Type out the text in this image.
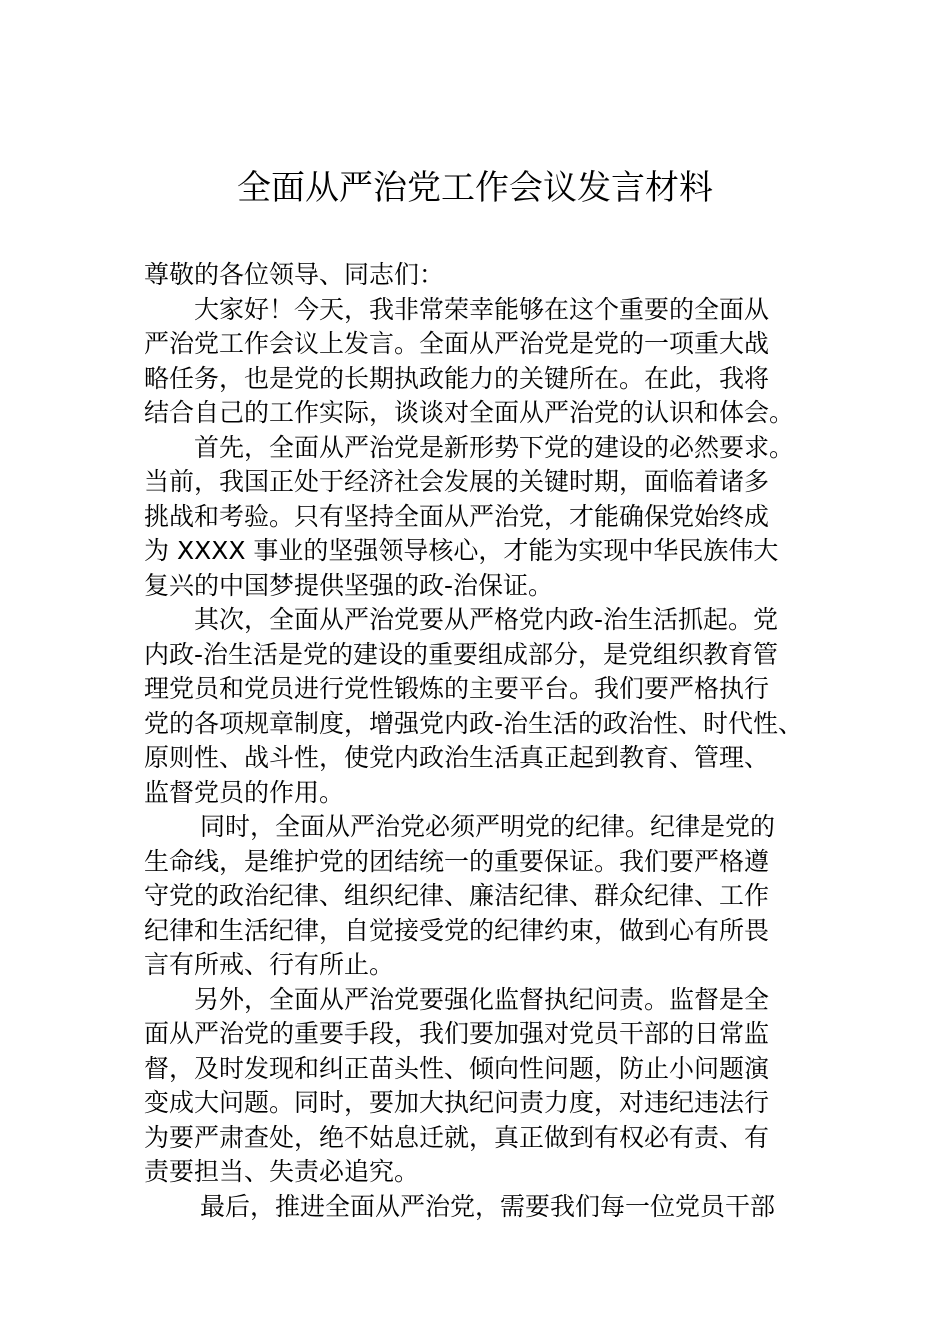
全面从严治党工作会议发言材料
尊敬的各位领导、同志们：
大家好！今天，我非常荣幸能够在这个重要的全面从
严治党工作会议上发言。全面从严治党是党的一项重大战
略任务，也是党的长期执政能力的关键所在。在此，我将
结合自己的工作实际，谈谈对全面从严治党的认识和体会。
首先，全面从严治党是新形势下党的建设的必然要求。
当前，我国正处于经济社会发展的关键时期，面临着诸多
挑战和考验。只有坚持全面从严治党，才能确保党始终成
为 XXXX 事业的坚强领导核心，才能为实现中华民族伟大
复兴的中国梦提供坚强的政-治保证。
其次，全面从严治党要从严格党内政-治生活抓起。党
内政-治生活是党的建设的重要组成部分，是党组织教育管
理党员和党员进行党性锻炼的主要平台。我们要严格执行
党的各项规章制度，增强党内政-治生活的政治性、时代性、
原则性、战斗性，使党内政治生活真正起到教育、管理、
监督党员的作用。
同时，全面从严治党必须严明党的纪律。纪律是党的
生命线，是维护党的团结统一的重要保证。我们要严格遵
守党的政治纪律、组织纪律、廉洁纪律、群众纪律、工作
纪律和生活纪律，自觉接受党的纪律约束，做到心有所畏
言有所戒、行有所止。
另外，全面从严治党要强化监督执纪问责。监督是全
面从严治党的重要手段，我们要加强对党员干部的日常监
督，及时发现和纠正苗头性、倾向性问题，防止小问题演
变成大问题。同时，要加大执纪问责力度，对违纪违法行
为要严肃查处，绝不姑息迁就，真正做到有权必有责、有
责要担当、失责必追究。
最后，推进全面从严治党，需要我们每一位党员干部
